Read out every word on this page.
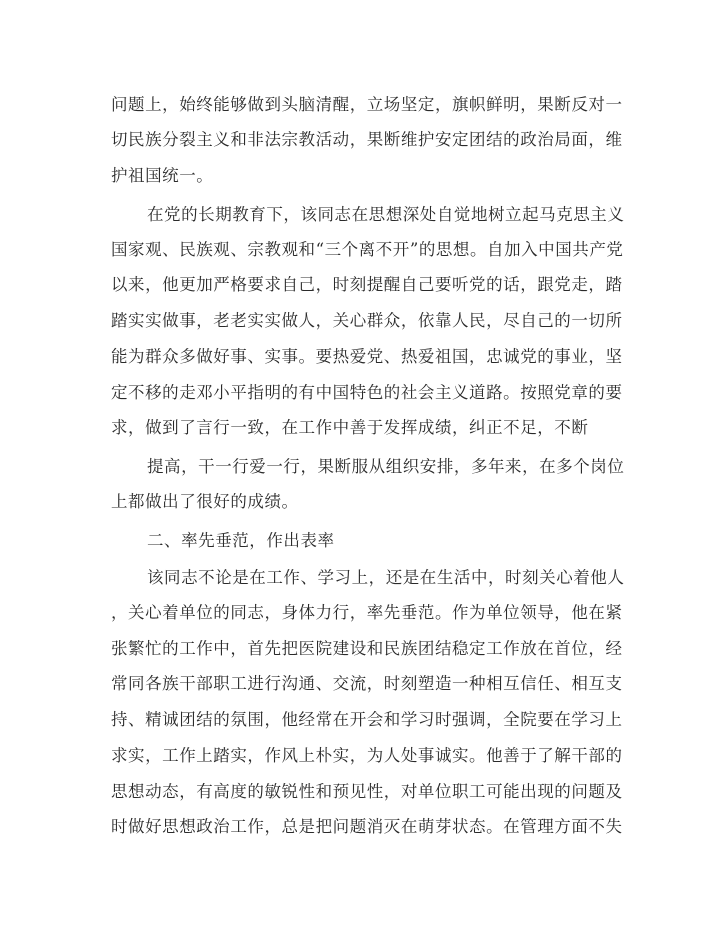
问题上，始终能够做到头脑清醒，立场坚定，旗帜鲜明，果断反对一
切民族分裂主义和非法宗教活动，果断维护安定团结的政治局面，维
护祖国统一。
在党的长期教育下，该同志在思想深处自觉地树立起马克思主义
国家观、民族观、宗教观和“三个离不开”的思想。自加入中国共产党
以来，他更加严格要求自己，时刻提醒自己要听党的话，跟党走，踏
踏实实做事，老老实实做人，关心群众，依靠人民，尽自己的一切所
能为群众多做好事、实事。要热爱党、热爱祖国，忠诚党的事业，坚
定不移的走邓小平指明的有中国特色的社会主义道路。按照党章的要
求，做到了言行一致，在工作中善于发挥成绩，纠正不足，不断
提高，干一行爱一行，果断服从组织安排，多年来，在多个岗位
上都做出了很好的成绩。
二、率先垂范，作出表率
该同志不论是在工作、学习上，还是在生活中，时刻关心着他人
，关心着单位的同志，身体力行，率先垂范。作为单位领导，他在紧
张繁忙的工作中，首先把医院建设和民族团结稳定工作放在首位，经
常同各族干部职工进行沟通、交流，时刻塑造一种相互信任、相互支
持、精诚团结的氛围，他经常在开会和学习时强调，全院要在学习上
求实，工作上踏实，作风上朴实，为人处事诚实。他善于了解干部的
思想动态，有高度的敏锐性和预见性，对单位职工可能出现的问题及
时做好思想政治工作，总是把问题消灭在萌芽状态。在管理方面不失
